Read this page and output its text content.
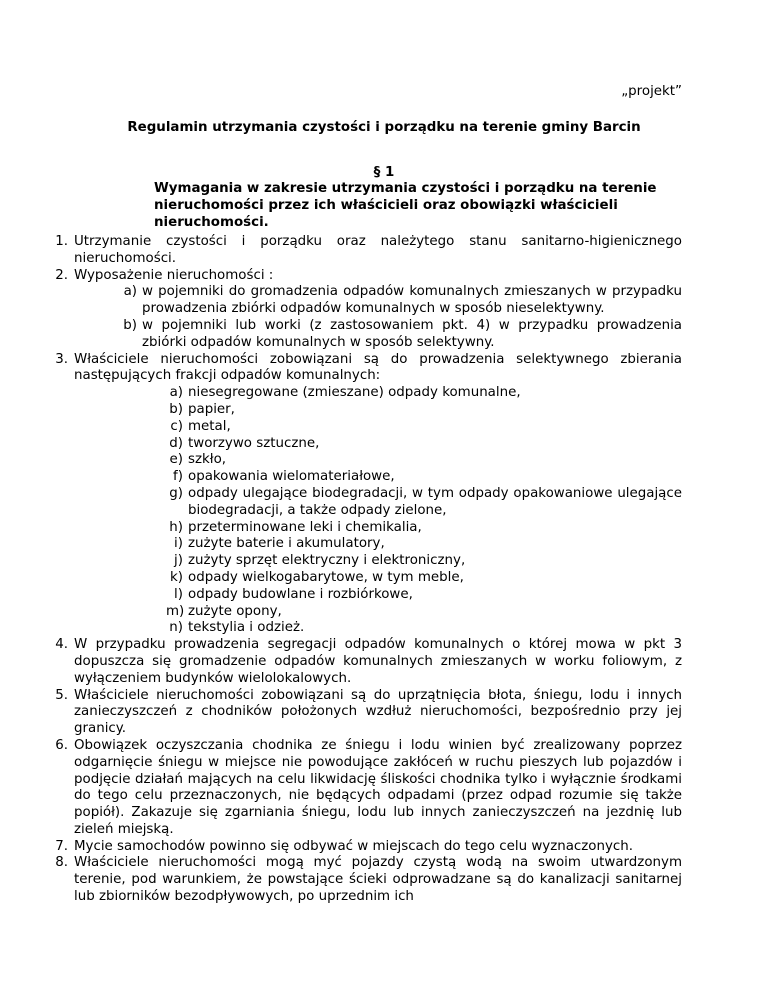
„projekt”
Regulamin utrzymania czystości i porządku na terenie gminy Barcin
§ 1
Wymagania w zakresie utrzymania czystości i porządku na terenie nieruchomości przez ich właścicieli oraz obowiązki właścicieli nieruchomości.
1. Utrzymanie czystości i porządku oraz należytego stanu sanitarno-higienicznego nieruchomości.
2. Wyposażenie nieruchomości :
a) w pojemniki do gromadzenia odpadów komunalnych zmieszanych w przypadku prowadzenia zbiórki odpadów komunalnych w sposób nieselektywny.
b) w pojemniki lub worki (z zastosowaniem pkt. 4) w przypadku prowadzenia zbiórki odpadów komunalnych w sposób selektywny.
3. Właściciele nieruchomości zobowiązani są do prowadzenia selektywnego zbierania następujących frakcji odpadów komunalnych:
a) niesegregowane (zmieszane) odpady komunalne,
b) papier,
c) metal,
d) tworzywo sztuczne,
e) szkło,
f) opakowania wielomateriałowe,
g) odpady ulegające biodegradacji, w tym odpady opakowaniowe ulegające biodegradacji, a także odpady zielone,
h) przeterminowane leki i chemikalia,
i) zużyte baterie i akumulatory,
j) zużyty sprzęt elektryczny i elektroniczny,
k) odpady wielkogabarytowe, w tym meble,
l) odpady budowlane i rozbiórkowe,
m) zużyte opony,
n) tekstylia i odzież.
4. W przypadku prowadzenia segregacji odpadów komunalnych o której mowa w pkt 3 dopuszcza się gromadzenie odpadów komunalnych zmieszanych w worku foliowym, z wyłączeniem budynków wielolokalowych.
5. Właściciele nieruchomości zobowiązani są do uprzątnięcia błota, śniegu, lodu i innych zanieczyszczeń z chodników położonych wzdłuż nieruchomości, bezpośrednio przy jej granicy.
6. Obowiązek oczyszczania chodnika ze śniegu i lodu winien być zrealizowany poprzez odgarnięcie śniegu w miejsce nie powodujące zakłóceń w ruchu pieszych lub pojazdów i podjęcie działań mających na celu likwidację śliskości chodnika tylko i wyłącznie środkami do tego celu przeznaczonych, nie będących odpadami (przez odpad rozumie się także popiół). Zakazuje się zgarniania śniegu, lodu lub innych zanieczyszczeń na jezdnię lub zieleń miejską.
7. Mycie samochodów powinno się odbywać w miejscach do tego celu wyznaczonych.
8. Właściciele nieruchomości mogą myć pojazdy czystą wodą na swoim utwardzonym terenie, pod warunkiem, że powstające ścieki odprowadzane są do kanalizacji sanitarnej lub zbiorników bezodpływowych, po uprzednim ich
